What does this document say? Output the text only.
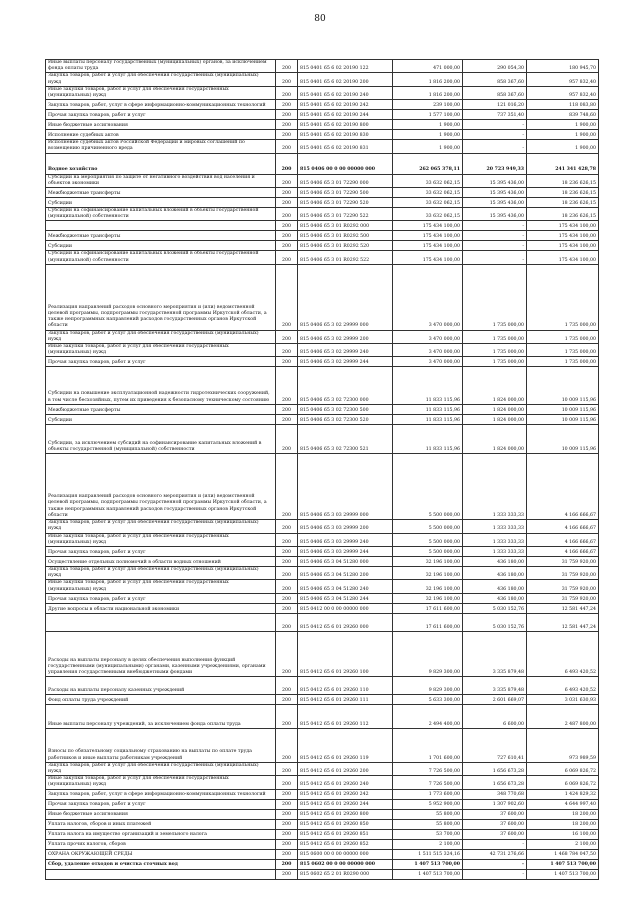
80
Иные выплаты персоналу государственных (муниципальных) органов, за исключением фонда оплаты труда	200	815 0401 65 6 02 20190 122	471 000,00	290 054,30	180 945,70
Закупка товаров, работ и услуг для обеспечения государственных (муниципальных) нужд	200	815 0401 65 6 02 20190 200	1 816 200,00	858 367,60	957 832,40
Иные закупки товаров, работ и услуг для обеспечения государственных (муниципальных) нужд	200	815 0401 65 6 02 20190 240	1 816 200,00	858 367,60	957 832,40
Закупка товаров, работ, услуг в сфере информационно-коммуникационных технологий	200	815 0401 65 6 02 20190 242	239 100,00	121 016,20	118 083,80
Прочая закупка товаров, работ и услуг	200	815 0401 65 6 02 20190 244	1 577 100,00	737 351,40	839 748,60
Иные бюджетные ассигнования	200	815 0401 65 6 02 20190 800	1 900,00	-	1 900,00
Исполнение судебных актов	200	815 0401 65 6 02 20190 830	1 900,00	-	1 900,00
Исполнение судебных актов Российской Федерации и мировых соглашений по возмещению причиненного вреда	200	815 0401 65 6 02 20190 831	1 900,00	-	1 900,00
Водное хозяйство	200	815 0406 00 0 00 00000 000	262 065 378,11	20 723 949,33	241 341 428,78
Субсидии на мероприятия по защите от негативного воздействия вод населения и объектов экономики	200	815 0406 65 3 01 72290 000	33 632 062,15	15 395 436,00	18 236 626,15
Межбюджетные трансферты	200	815 0406 65 3 01 72290 500	33 632 062,15	15 395 436,00	18 236 626,15
Субсидии	200	815 0406 65 3 01 72290 520	33 632 062,15	15 395 436,00	18 236 626,15
Субсидии на софинансирование капитальных вложений в объекты государственной (муниципальной) собственности	200	815 0406 65 3 01 72290 522	33 632 062,15	15 395 436,00	18 236 626,15
	200	815 0406 65 3 01 R0292 000	175 434 100,00	-	175 434 100,00
Межбюджетные трансферты	200	815 0406 65 3 01 R0292 500	175 434 100,00	-	175 434 100,00
Субсидии	200	815 0406 65 3 01 R0292 520	175 434 100,00	-	175 434 100,00
Субсидии на софинансирование капитальных вложений в объекты государственной (муниципальной) собственности	200	815 0406 65 3 01 R0292 522	175 434 100,00	-	175 434 100,00
Реализация направлений расходов основного мероприятия и (или) ведомственной целевой программы, подпрограммы государственной программы Иркутской области, а также непрограммных направлений расходов государственных органов Иркутской области	200	815 0406 65 3 02 29999 000	3 470 000,00	1 735 000,00	1 735 000,00
Закупка товаров, работ и услуг для обеспечения государственных (муниципальных) нужд	200	815 0406 65 3 02 29999 200	3 470 000,00	1 735 000,00	1 735 000,00
Иные закупки товаров, работ и услуг для обеспечения государственных (муниципальных) нужд	200	815 0406 65 3 02 29999 240	3 470 000,00	1 735 000,00	1 735 000,00
Прочая закупка товаров, работ и услуг	200	815 0406 65 3 02 29999 244	3 470 000,00	1 735 000,00	1 735 000,00
Субсидии на повышение эксплуатационной надежности гидротехнических сооружений, в том числе бесхозяйных, путем их приведения к безопасному техническому состоянию	200	815 0406 65 3 02 72300 000	11 833 115,96	1 824 000,00	10 009 115,96
Межбюджетные трансферты	200	815 0406 65 3 02 72300 500	11 833 115,96	1 824 000,00	10 009 115,96
Субсидии	200	815 0406 65 3 02 72300 520	11 833 115,96	1 824 000,00	10 009 115,96
Субсидии, за исключением субсидий на софинансирование капитальных вложений в объекты государственной (муниципальной) собственности	200	815 0406 65 3 02 72300 521	11 833 115,96	1 824 000,00	10 009 115,96
Реализация направлений расходов основного мероприятия и (или) ведомственной целевой программы, подпрограммы государственной программы Иркутской области, а также непрограммных направлений расходов государственных органов Иркутской области	200	815 0406 65 3 03 29999 000	5 500 000,00	1 333 333,33	4 166 666,67
Закупка товаров, работ и услуг для обеспечения государственных (муниципальных) нужд	200	815 0406 65 3 03 29999 200	5 500 000,00	1 333 333,33	4 166 666,67
Иные закупки товаров, работ и услуг для обеспечения государственных (муниципальных) нужд	200	815 0406 65 3 03 29999 240	5 500 000,00	1 333 333,33	4 166 666,67
Прочая закупка товаров, работ и услуг	200	815 0406 65 3 03 29999 244	5 500 000,00	1 333 333,33	4 166 666,67
Осуществление отдельных полномочий в области водных отношений	200	815 0406 65 3 04 51280 000	32 196 100,00	436 180,00	31 759 920,00
Закупка товаров, работ и услуг для обеспечения государственных (муниципальных) нужд	200	815 0406 65 3 04 51280 200	32 196 100,00	436 180,00	31 759 920,00
Иные закупки товаров, работ и услуг для обеспечения государственных (муниципальных) нужд	200	815 0406 65 3 04 51280 240	32 196 100,00	436 180,00	31 759 920,00
Прочая закупка товаров, работ и услуг	200	815 0406 65 3 04 51280 244	32 196 100,00	436 180,00	31 759 920,00
Другие вопросы в области национальной экономики	200	815 0412 00 0 00 00000 000	17 611 600,00	5 030 152,76	12 581 447,24
	200	815 0412 65 6 01 29260 000	17 611 600,00	5 030 152,76	12 581 447,24
Расходы на выплаты персоналу в целях обеспечения выполнения функций государственными (муниципальными) органами, казенными учреждениями, органами управления государственными внебюджетными фондами	200	815 0412 65 6 01 29260 100	9 829 300,00	3 335 879,48	6 493 420,52
Расходы на выплаты персоналу казенных учреждений	200	815 0412 65 6 01 29260 110	9 829 300,00	3 335 879,48	6 493 420,52
Фонд оплаты труда учреждений	200	815 0412 65 6 01 29260 111	5 633 300,00	2 601 669,07	3 031 630,93
Иные выплаты персоналу учреждений, за исключением фонда оплаты труда	200	815 0412 65 6 01 29260 112	2 494 400,00	6 600,00	2 487 800,00
Взносы по обязательному социальному страхованию на выплаты по оплате труда работников и иные выплаты работникам учреждений	200	815 0412 65 6 01 29260 119	1 701 600,00	727 610,41	973 989,59
Закупка товаров, работ и услуг для обеспечения государственных (муниципальных) нужд	200	815 0412 65 6 01 29260 200	7 726 500,00	1 656 673,28	6 069 826,72
Иные закупки товаров, работ и услуг для обеспечения государственных (муниципальных) нужд	200	815 0412 65 6 01 29260 240	7 726 500,00	1 656 673,28	6 069 826,72
Закупка товаров, работ, услуг в сфере информационно-коммуникационных технологий	200	815 0412 65 6 01 29260 242	1 773 600,00	348 770,68	1 424 829,32
Прочая закупка товаров, работ и услуг	200	815 0412 65 6 01 29260 244	5 952 900,00	1 307 902,60	4 644 997,40
Иные бюджетные ассигнования	200	815 0412 65 6 01 29260 800	55 800,00	37 600,00	18 200,00
Уплата налогов, сборов и иных платежей	200	815 0412 65 6 01 29260 850	55 800,00	37 600,00	18 200,00
Уплата налога на имущество организаций и земельного налога	200	815 0412 65 6 01 29260 851	53 700,00	37 600,00	16 100,00
Уплата прочих налогов, сборов	200	815 0412 65 6 01 29260 852	2 100,00	-	2 100,00
ОХРАНА ОКРУЖАЮЩЕЙ СРЕДЫ	200	815 0600 00 0 00 00000 000	1 511 515 324,16	42 731 276,66	1 468 784 047,50
Сбор, удаление отходов и очистка сточных вод	200	815 0602 00 0 00 00000 000	1 407 513 700,00	-	1 407 513 700,00
	200	815 0602 65 2 01 R0290 000	1 407 513 700,00	-	1 407 513 700,00
